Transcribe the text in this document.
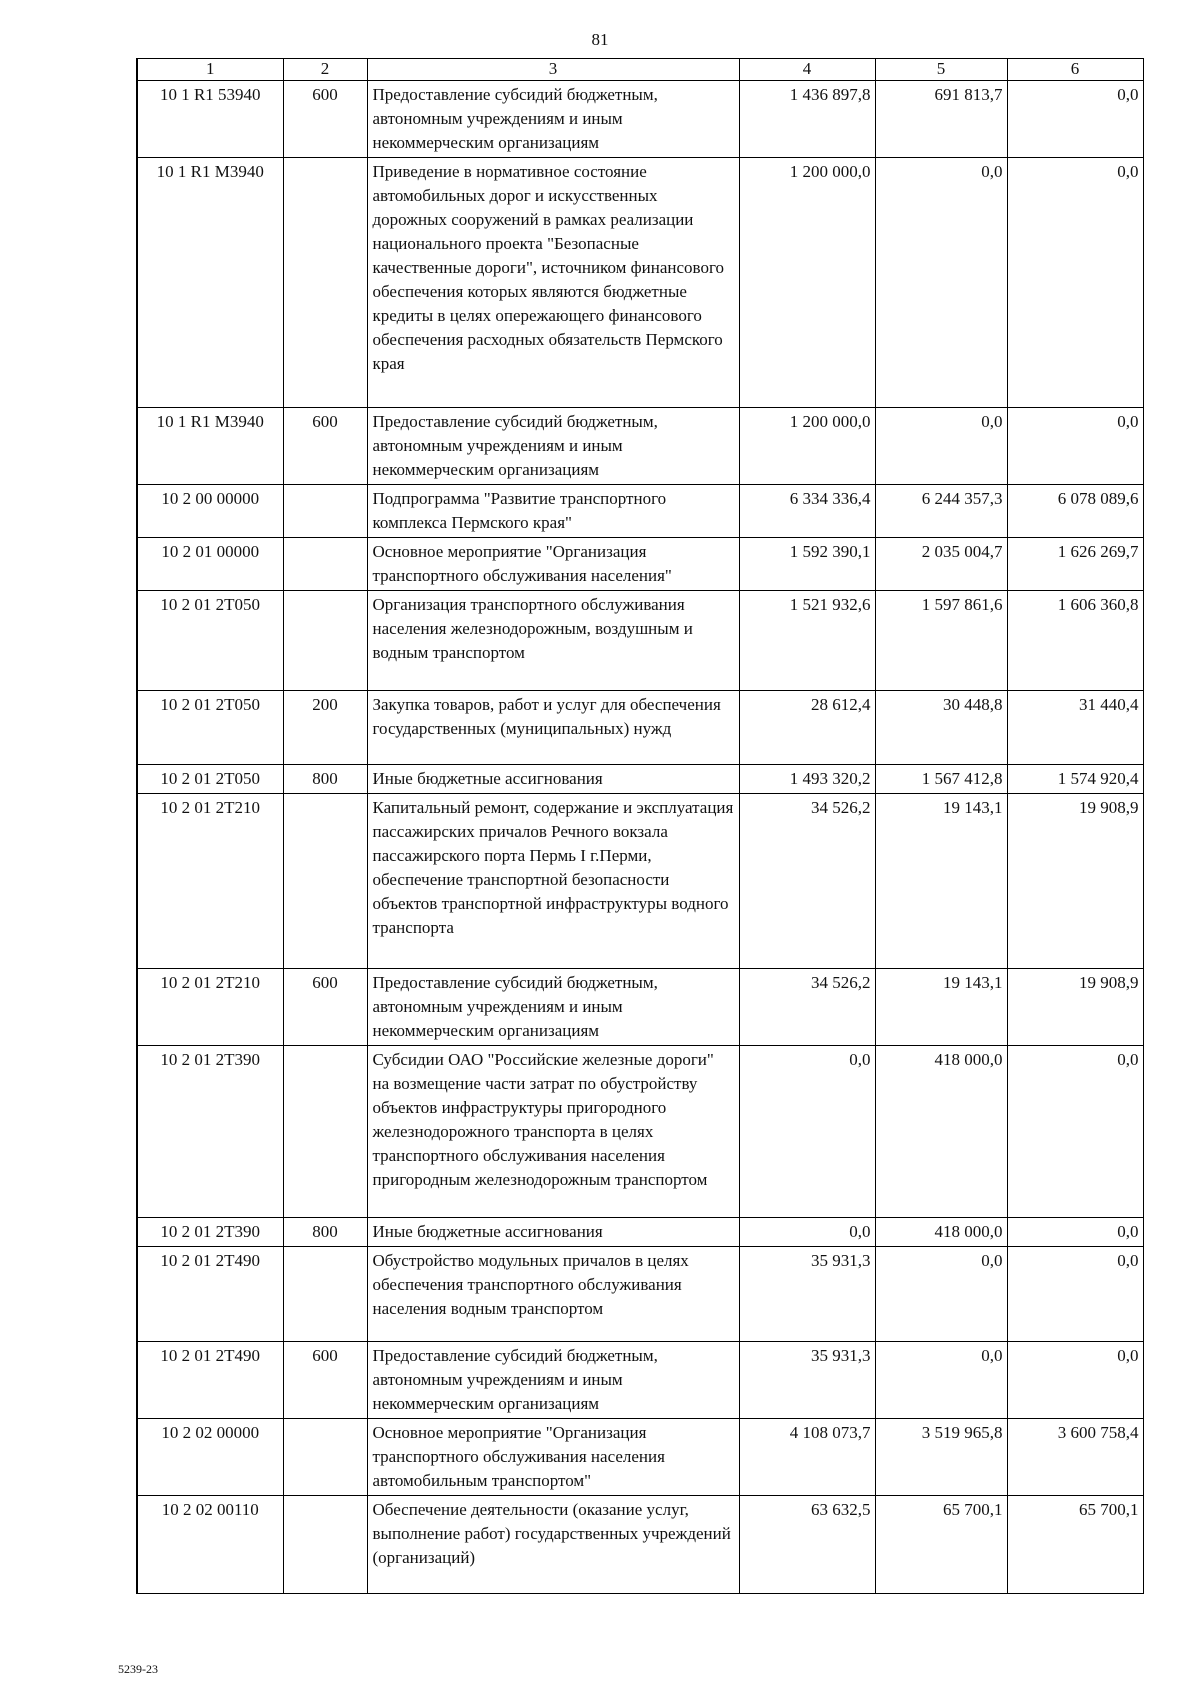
81
1	2	3	4	5	6
10 1 R1 53940	600	Предоставление субсидий бюджетным, автономным учреждениям и иным некоммерческим организациям	1 436 897,8	691 813,7	0,0
10 1 R1 M3940		Приведение в нормативное состояние автомобильных дорог и искусственных дорожных сооружений в рамках реализации национального проекта "Безопасные качественные дороги", источником финансового обеспечения которых являются бюджетные кредиты в целях опережающего финансового обеспечения расходных обязательств Пермского края	1 200 000,0	0,0	0,0
10 1 R1 M3940	600	Предоставление субсидий бюджетным, автономным учреждениям и иным некоммерческим организациям	1 200 000,0	0,0	0,0
10 2 00 00000		Подпрограмма "Развитие транспортного комплекса Пермского края"	6 334 336,4	6 244 357,3	6 078 089,6
10 2 01 00000		Основное мероприятие "Организация транспортного обслуживания населения"	1 592 390,1	2 035 004,7	1 626 269,7
10 2 01 2T050		Организация транспортного обслуживания населения железнодорожным, воздушным и водным транспортом	1 521 932,6	1 597 861,6	1 606 360,8
10 2 01 2T050	200	Закупка товаров, работ и услуг для обеспечения государственных (муниципальных) нужд	28 612,4	30 448,8	31 440,4
10 2 01 2T050	800	Иные бюджетные ассигнования	1 493 320,2	1 567 412,8	1 574 920,4
10 2 01 2T210		Капитальный ремонт, содержание и эксплуатация пассажирских причалов Речного вокзала пассажирского порта Пермь I г.Перми, обеспечение транспортной безопасности объектов транспортной инфраструктуры водного транспорта	34 526,2	19 143,1	19 908,9
10 2 01 2T210	600	Предоставление субсидий бюджетным, автономным учреждениям и иным некоммерческим организациям	34 526,2	19 143,1	19 908,9
10 2 01 2T390		Субсидии ОАО "Российские железные дороги" на возмещение части затрат по обустройству объектов инфраструктуры пригородного железнодорожного транспорта в целях транспортного обслуживания населения пригородным железнодорожным транспортом	0,0	418 000,0	0,0
10 2 01 2T390	800	Иные бюджетные ассигнования	0,0	418 000,0	0,0
10 2 01 2T490		Обустройство модульных причалов в целях обеспечения транспортного обслуживания населения водным транспортом	35 931,3	0,0	0,0
10 2 01 2T490	600	Предоставление субсидий бюджетным, автономным учреждениям и иным некоммерческим организациям	35 931,3	0,0	0,0
10 2 02 00000		Основное мероприятие "Организация транспортного обслуживания населения автомобильным транспортом"	4 108 073,7	3 519 965,8	3 600 758,4
10 2 02 00110		Обеспечение деятельности (оказание услуг, выполнение работ) государственных учреждений (организаций)	63 632,5	65 700,1	65 700,1
5239-23
